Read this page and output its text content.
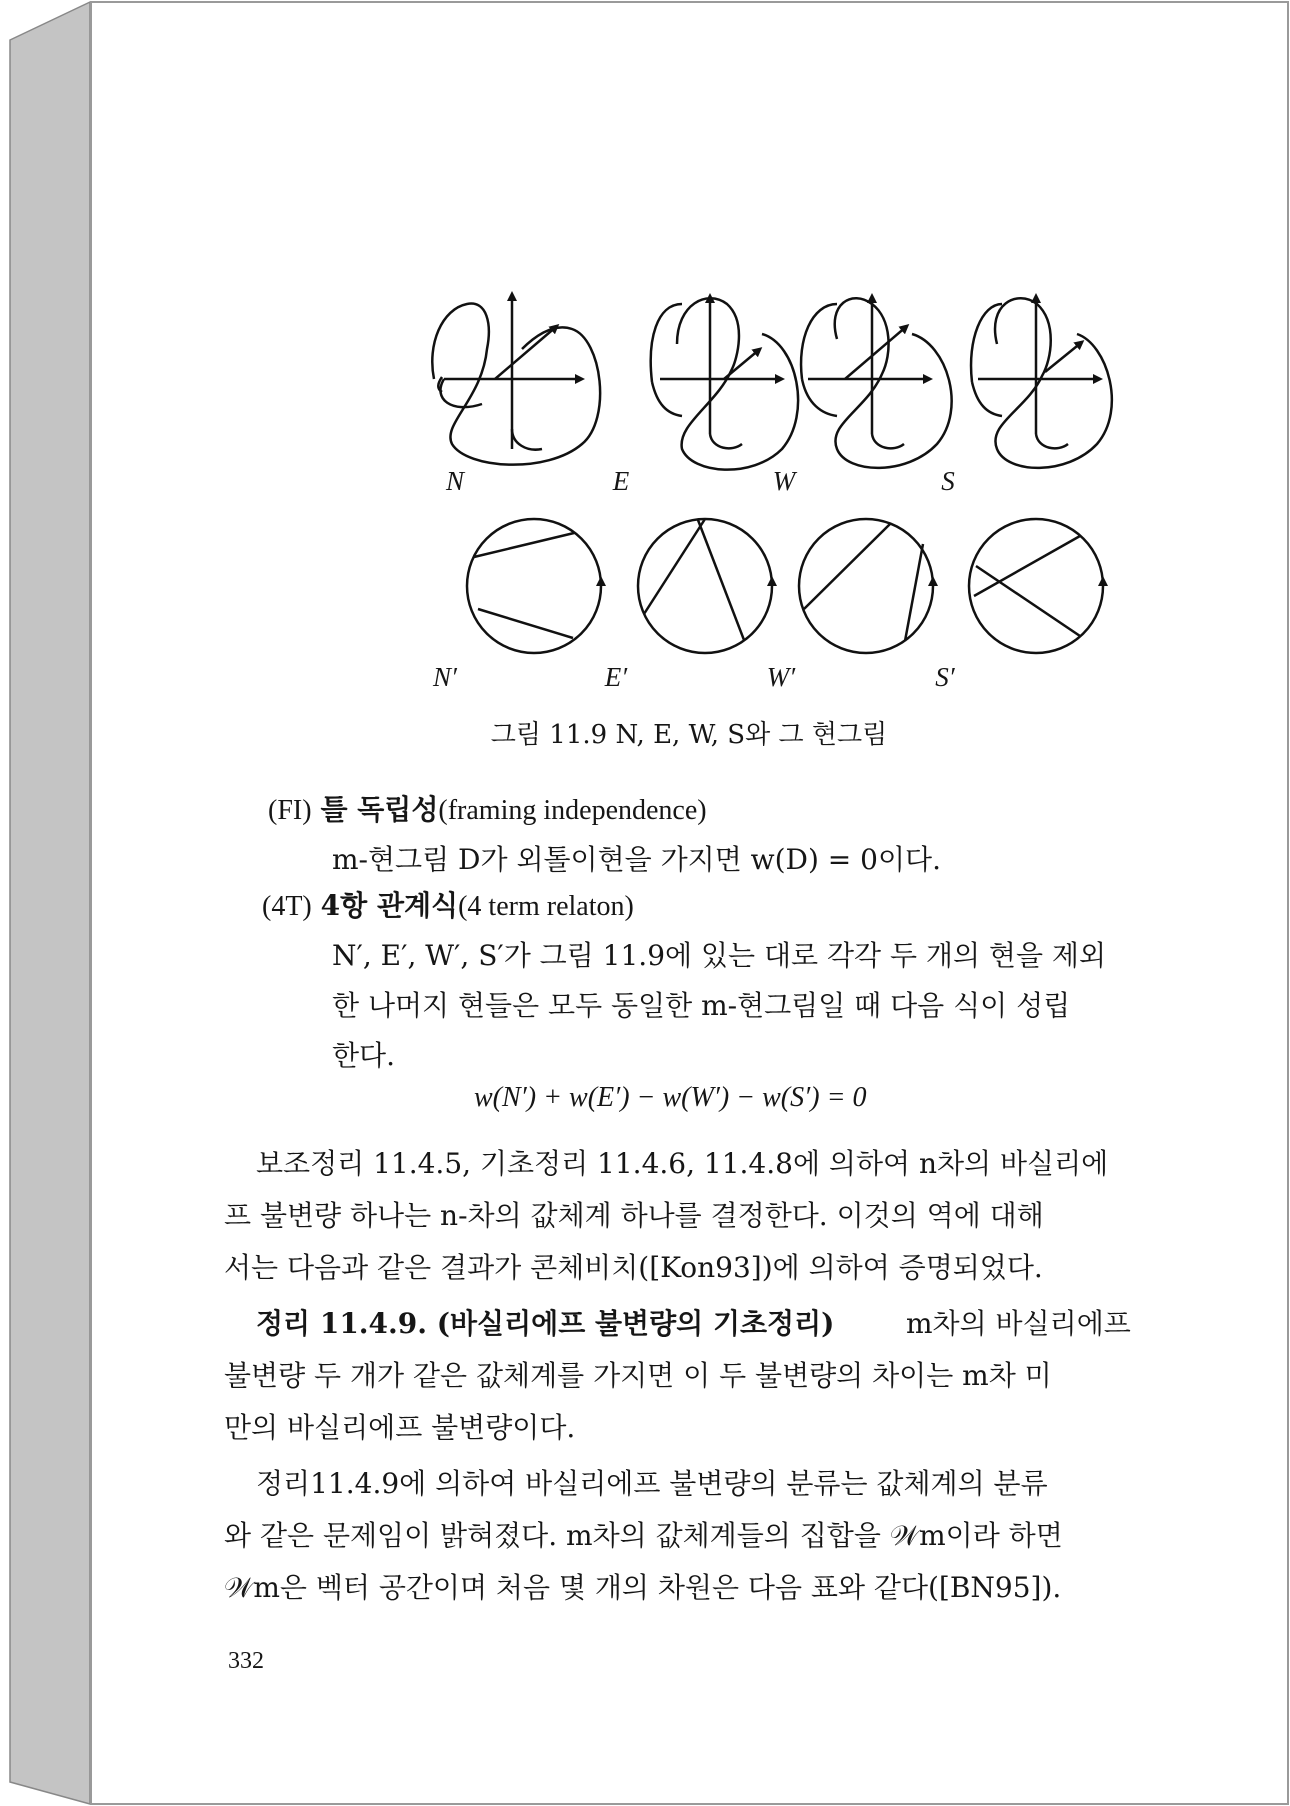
N	E	W	S
N′	E′	W′	S′
그림 11.9 N, E, W, S와 그 현그림
(FI) 틀 독립성(framing independence)
m-현그림 D가 외톨이현을 가지면 w(D) = 0이다.
(4T) 4항 관계식(4 term relaton)
N′, E′, W′, S′가 그림 11.9에 있는 대로 각각 두 개의 현을 제외
한 나머지 현들은 모두 동일한 m-현그림일 때 다음 식이 성립
한다.
w(N′) + w(E′) − w(W′) − w(S′) = 0
보조정리 11.4.5, 기초정리 11.4.6, 11.4.8에 의하여 n차의 바실리에
프 불변량 하나는 n-차의 값체계 하나를 결정한다. 이것의 역에 대해
서는 다음과 같은 결과가 콘체비치([Kon93])에 의하여 증명되었다.
정리 11.4.9. (바실리에프 불변량의 기초정리)	m차의 바실리에프
불변량 두 개가 같은 값체계를 가지면 이 두 불변량의 차이는 m차 미
만의 바실리에프 불변량이다.
정리11.4.9에 의하여 바실리에프 불변량의 분류는 값체계의 분류
와 같은 문제임이 밝혀졌다. m차의 값체계들의 집합을 𝒲m이라 하면
𝒲m은 벡터 공간이며 처음 몇 개의 차원은 다음 표와 같다([BN95]).
332
